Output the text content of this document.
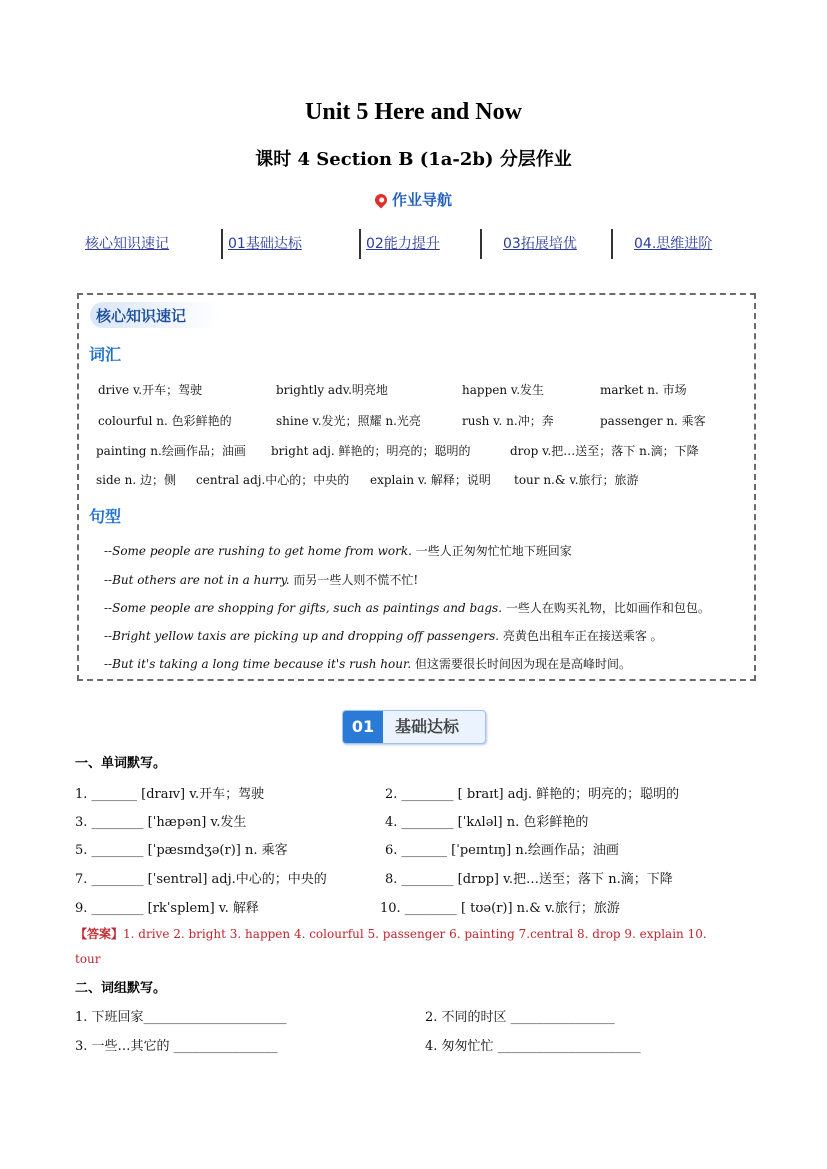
Unit 5 Here and Now
课时 4 Section B (1a-2b) 分层作业
作业导航
核心知识速记	01基础达标	02能力提升	03拓展培优	04.思维进阶
核心知识速记
词汇
drive v.开车；驾驶	brightly adv.明亮地	happen v.发生	market n. 市场
colourful n. 色彩鲜艳的	shine v.发光；照耀 n.光亮	rush v. n.冲；奔	passenger n. 乘客
painting n.绘画作品；油画 bright adj. 鲜艳的；明亮的；聪明的	drop v.把…送至；落下 n.滴；下降
side n. 边；侧 central adj.中心的；中央的 explain v. 解释；说明 tour n.& v.旅行；旅游
句型
--Some people are rushing to get home from work. 一些人正匆匆忙忙地下班回家
--But others are not in a hurry. 而另一些人则不慌不忙!
--Some people are shopping for gifts, such as paintings and bags. 一些人在购买礼物，比如画作和包包。
--Bright yellow taxis are picking up and dropping off passengers. 亮黄色出租车正在接送乘客 。
--But it's taking a long time because it's rush hour. 但这需要很长时间因为现在是高峰时间。
01	基础达标
一、单词默写。
1. _______ [draɪv] v.开车；驾驶	2. ________ [ braɪt] adj. 鲜艳的；明亮的；聪明的
3. ________ [ˈhæpən] v.发生	4. ________ [ˈkʌləl] n. 色彩鲜艳的
5. ________ [ˈpæsɪndʒə(r)] n. 乘客	6. _______ [ˈpeɪntɪŋ] n.绘画作品；油画
7. ________ [ˈsentrəl] adj.中心的；中央的	8. ________ [drɒp] v.把…送至；落下 n.滴；下降
9. ________ [rkˈsplem] v. 解释	10. ________ [ tʊə(r)] n.& v.旅行；旅游
【答案】1. drive 2. bright 3. happen 4. colourful 5. passenger 6. painting 7.central 8. drop 9. explain 10.
tour
二、词组默写。
1. 下班回家______________________	2. 不同的时区 ________________
3. 一些…其它的 ________________	4. 匆匆忙忙 ______________________
